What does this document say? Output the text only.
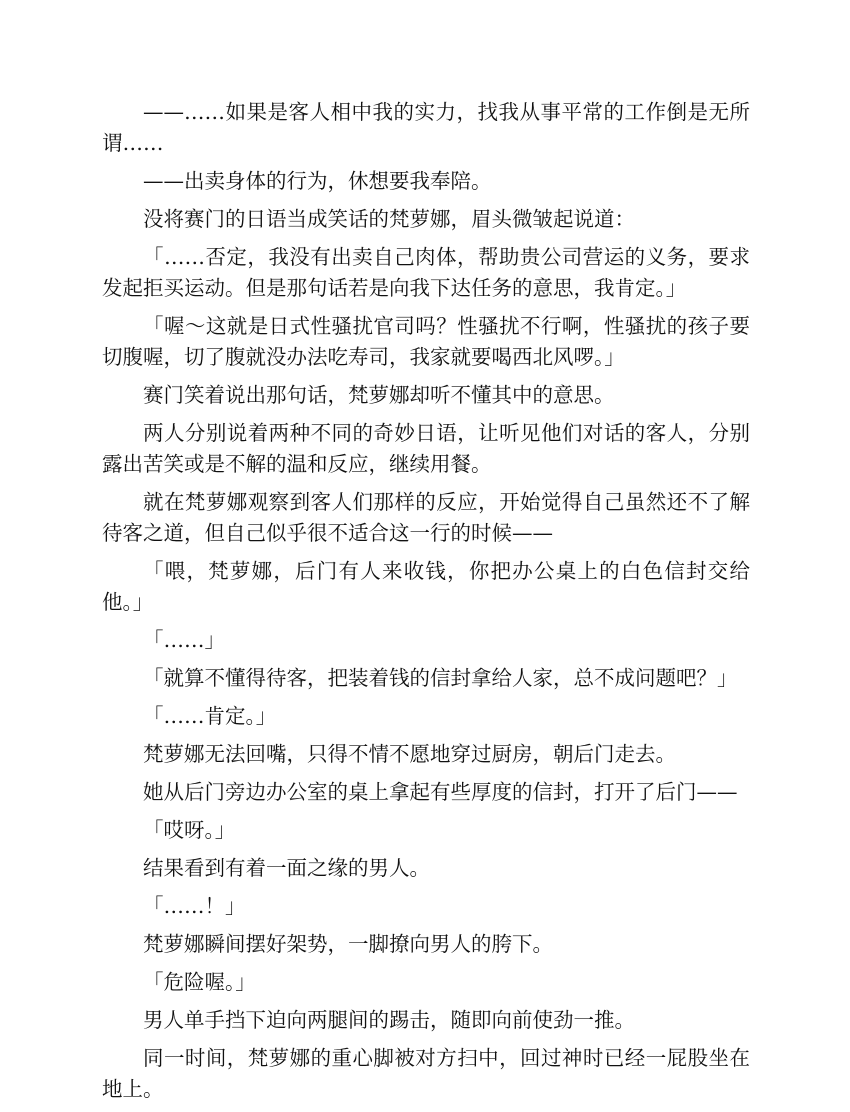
——……如果是客人相中我的实力，找我从事平常的工作倒是无所谓……

——出卖身体的行为，休想要我奉陪。

没将赛门的日语当成笑话的梵萝娜，眉头微皱起说道：

「……否定，我没有出卖自己肉体，帮助贵公司营运的义务，要求发起拒买运动。但是那句话若是向我下达任务的意思，我肯定。」

「喔～这就是日式性骚扰官司吗？性骚扰不行啊，性骚扰的孩子要切腹喔，切了腹就没办法吃寿司，我家就要喝西北风啰。」

赛门笑着说出那句话，梵萝娜却听不懂其中的意思。

两人分别说着两种不同的奇妙日语，让听见他们对话的客人，分别露出苦笑或是不解的温和反应，继续用餐。

就在梵萝娜观察到客人们那样的反应，开始觉得自己虽然还不了解待客之道，但自己似乎很不适合这一行的时候——

「喂，梵萝娜，后门有人来收钱，你把办公桌上的白色信封交给他。」

「……」

「就算不懂得待客，把装着钱的信封拿给人家，总不成问题吧？」

「……肯定。」

梵萝娜无法回嘴，只得不情不愿地穿过厨房，朝后门走去。

她从后门旁边办公室的桌上拿起有些厚度的信封，打开了后门——

「哎呀。」

结果看到有着一面之缘的男人。

「……！」

梵萝娜瞬间摆好架势，一脚撩向男人的胯下。

「危险喔。」

男人单手挡下迫向两腿间的踢击，随即向前使劲一推。

同一时间，梵萝娜的重心脚被对方扫中，回过神时已经一屁股坐在地上。
